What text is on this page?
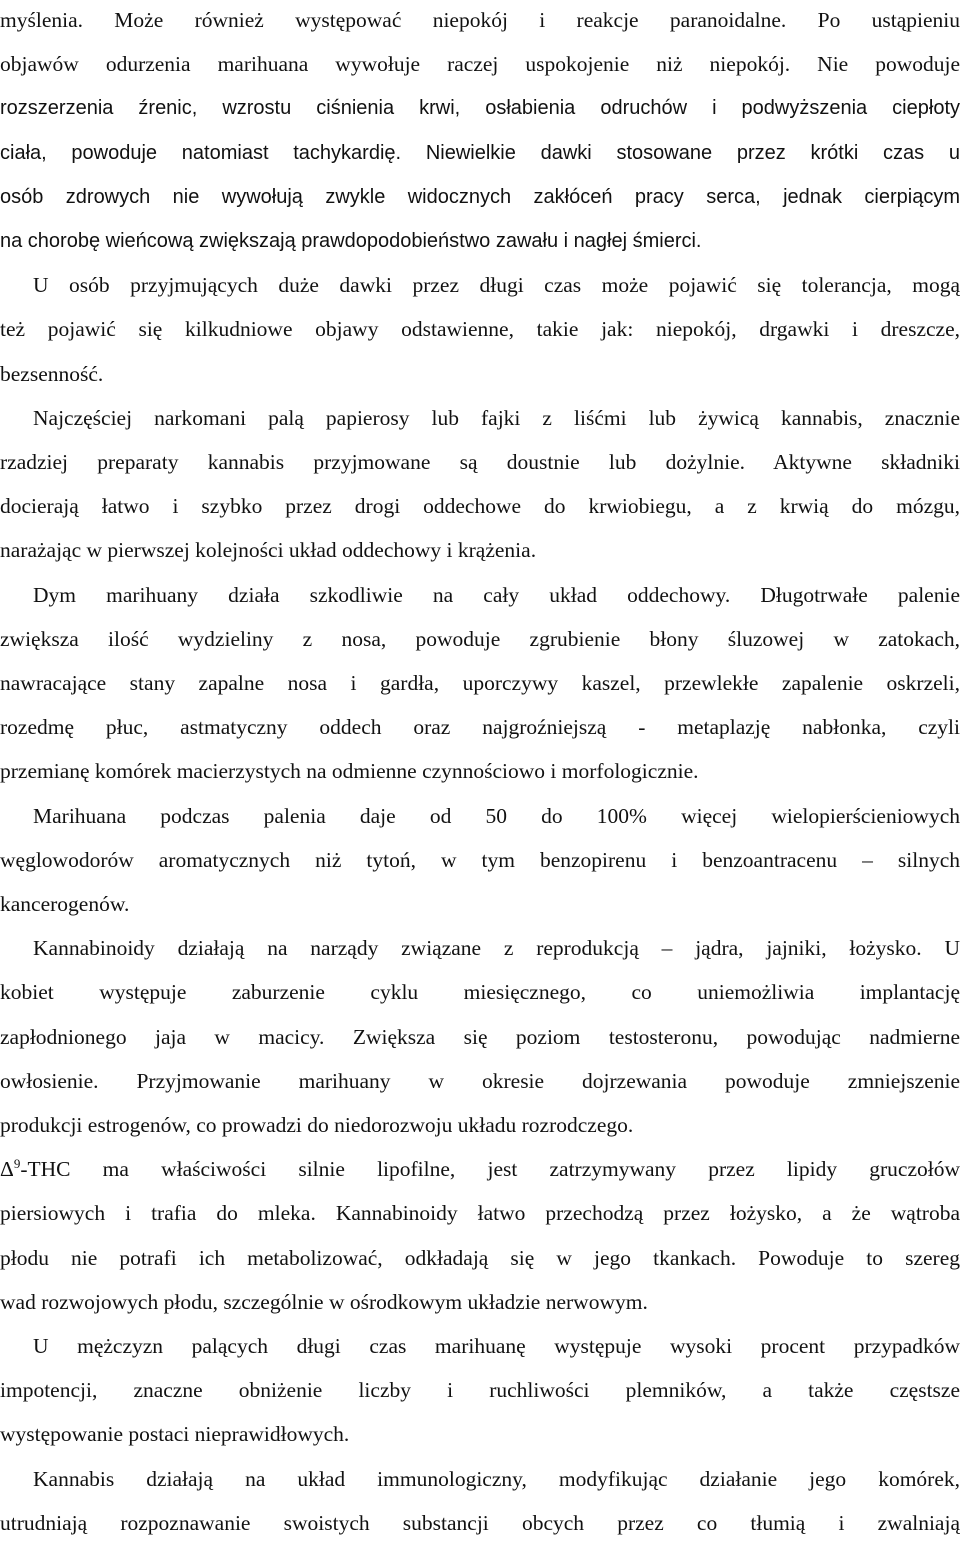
myślenia. Może również występować niepokój i reakcje paranoidalne. Po ustąpieniu
objawów odurzenia marihuana wywołuje raczej uspokojenie niż niepokój. Nie powoduje
rozszerzenia źrenic, wzrostu ciśnienia krwi, osłabienia odruchów i podwyższenia ciepłoty
ciała, powoduje natomiast tachykardię. Niewielkie dawki stosowane przez krótki czas u
osób zdrowych nie wywołują zwykle widocznych zakłóceń pracy serca, jednak cierpiącym
na chorobę wieńcową zwiększają prawdopodobieństwo zawału i nagłej śmierci.
U osób przyjmujących duże dawki przez długi czas może pojawić się tolerancja, mogą
też pojawić się kilkudniowe objawy odstawienne, takie jak: niepokój, drgawki i dreszcze,
bezsenność.
Najczęściej narkomani palą papierosy lub fajki z liśćmi lub żywicą kannabis, znacznie
rzadziej preparaty kannabis przyjmowane są doustnie lub dożylnie. Aktywne składniki
docierają łatwo i szybko przez drogi oddechowe do krwiobiegu, a z krwią do mózgu,
narażając w pierwszej kolejności układ oddechowy i krążenia.
Dym marihuany działa szkodliwie na cały układ oddechowy. Długotrwałe palenie
zwiększa ilość wydzieliny z nosa, powoduje zgrubienie błony śluzowej w zatokach,
nawracające stany zapalne nosa i gardła, uporczywy kaszel, przewlekłe zapalenie oskrzeli,
rozedmę płuc, astmatyczny oddech oraz najgroźniejszą - metaplazję nabłonka, czyli
przemianę komórek macierzystych na odmienne czynnościowo i morfologicznie.
Marihuana podczas palenia daje od 50 do 100% więcej wielopierścieniowych
węglowodorów aromatycznych niż tytoń, w tym benzopirenu i benzoantracenu – silnych
kancerogenów.
Kannabinoidy działają na narządy związane z reprodukcją – jądra, jajniki, łożysko. U
kobiet występuje zaburzenie cyklu miesięcznego, co uniemożliwia implantację
zapłodnionego jaja w macicy. Zwiększa się poziom testosteronu, powodując nadmierne
owłosienie. Przyjmowanie marihuany w okresie dojrzewania powoduje zmniejszenie
produkcji estrogenów, co prowadzi do niedorozwoju układu rozrodczego.
$\Delta^9$-THC ma właściwości silnie lipofilne, jest zatrzymywany przez lipidy gruczołów
piersiowych i trafia do mleka. Kannabinoidy łatwo przechodzą przez łożysko, a że wątroba
płodu nie potrafi ich metabolizować, odkładają się w jego tkankach. Powoduje to szereg
wad rozwojowych płodu, szczególnie w ośrodkowym układzie nerwowym.
U mężczyzn palących długi czas marihuanę występuje wysoki procent przypadków
impotencji, znaczne obniżenie liczby i ruchliwości plemników, a także częstsze
występowanie postaci nieprawidłowych.
Kannabis działają na układ immunologiczny, modyfikując działanie jego komórek,
utrudniają rozpoznawanie swoistych substancji obcych przez co tłumią i zwalniają
